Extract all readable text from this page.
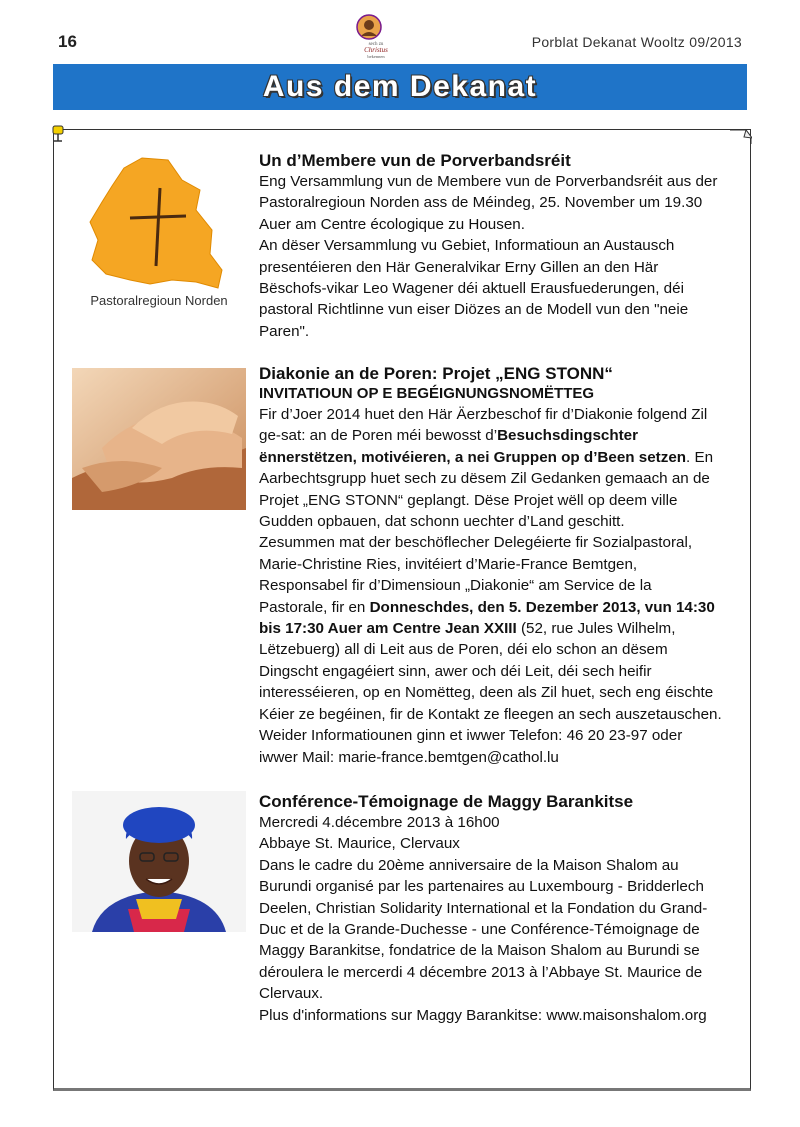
16	sech zu
Christus
bekennen
Porblat Dekanat Wooltz 09/2013
Aus dem Dekanat
Pastoralregioun Norden
Un d’Membere vun de Porverbandsréit
Eng Versammlung vun de Membere vun de Porverbandsréit aus der
Pastoralregioun Norden ass de Méindeg, 25. November um 19.30
Auer am Centre écologique zu Housen.
An dëser Versammlung vu Gebiet, Informatioun an Austausch
presentéieren den Här Generalvikar Erny Gillen an den Här
Bëschofs-vikar Leo Wagener déi aktuell Erausfuederungen, déi
pastoral Richtlinne vun eiser Diözes an de Modell vun den "neie
Paren".
Diakonie an de Poren: Projet „ENG STONN“
INVITATIOUN OP E BEGÉIGNUNGSNOMËTTEG
Fir d’Joer 2014 huet den Här Äerzbeschof fir d’Diakonie folgend Zil
ge-sat: an de Poren méi bewosst d’Besuchsdingschter
ënnerstëtzen, motivéieren, a nei Gruppen op d’Been setzen. En
Aarbechtsgrupp huet sech zu dësem Zil Gedanken gemaach an de
Projet „ENG STONN“ geplangt. Dëse Projet wëll op deem ville
Gudden opbauen, dat schonn uechter d’Land geschitt.
Zesummen mat der beschöflecher Delegéierte fir Sozialpastoral,
Marie-Christine Ries, invitéiert d’Marie-France Bemtgen,
Responsabel fir d’Dimensioun „Diakonie“ am Service de la
Pastorale, fir en Donneschdes, den 5. Dezember 2013, vun 14:30
bis 17:30 Auer am Centre Jean XXIII (52, rue Jules Wilhelm,
Lëtzebuerg) all di Leit aus de Poren, déi elo schon an dësem
Dingscht engagéiert sinn, awer och déi Leit, déi sech heifir
interesséieren, op en Nomëtteg, deen als Zil huet, sech eng éischte
Kéier ze begéinen, fir de Kontakt ze fleegen an sech auszetauschen.
Weider Informatiounen ginn et iwwer Telefon: 46 20 23-97 oder
iwwer Mail: marie-france.bemtgen@cathol.lu
Conférence-Témoignage de Maggy Barankitse
Mercredi 4.décembre 2013 à 16h00
Abbaye St. Maurice, Clervaux
Dans le cadre du 20ème anniversaire de la Maison Shalom au
Burundi organisé par les partenaires au Luxembourg - Bridderlech
Deelen, Christian Solidarity International et la Fondation du Grand-
Duc et de la Grande-Duchesse - une Conférence-Témoignage de
Maggy Barankitse, fondatrice de la Maison Shalom au Burundi se
déroulera le mercerdi 4 décembre 2013 à l’Abbaye St. Maurice de
Clervaux.
Plus d'informations sur Maggy Barankitse: www.maisonshalom.org
